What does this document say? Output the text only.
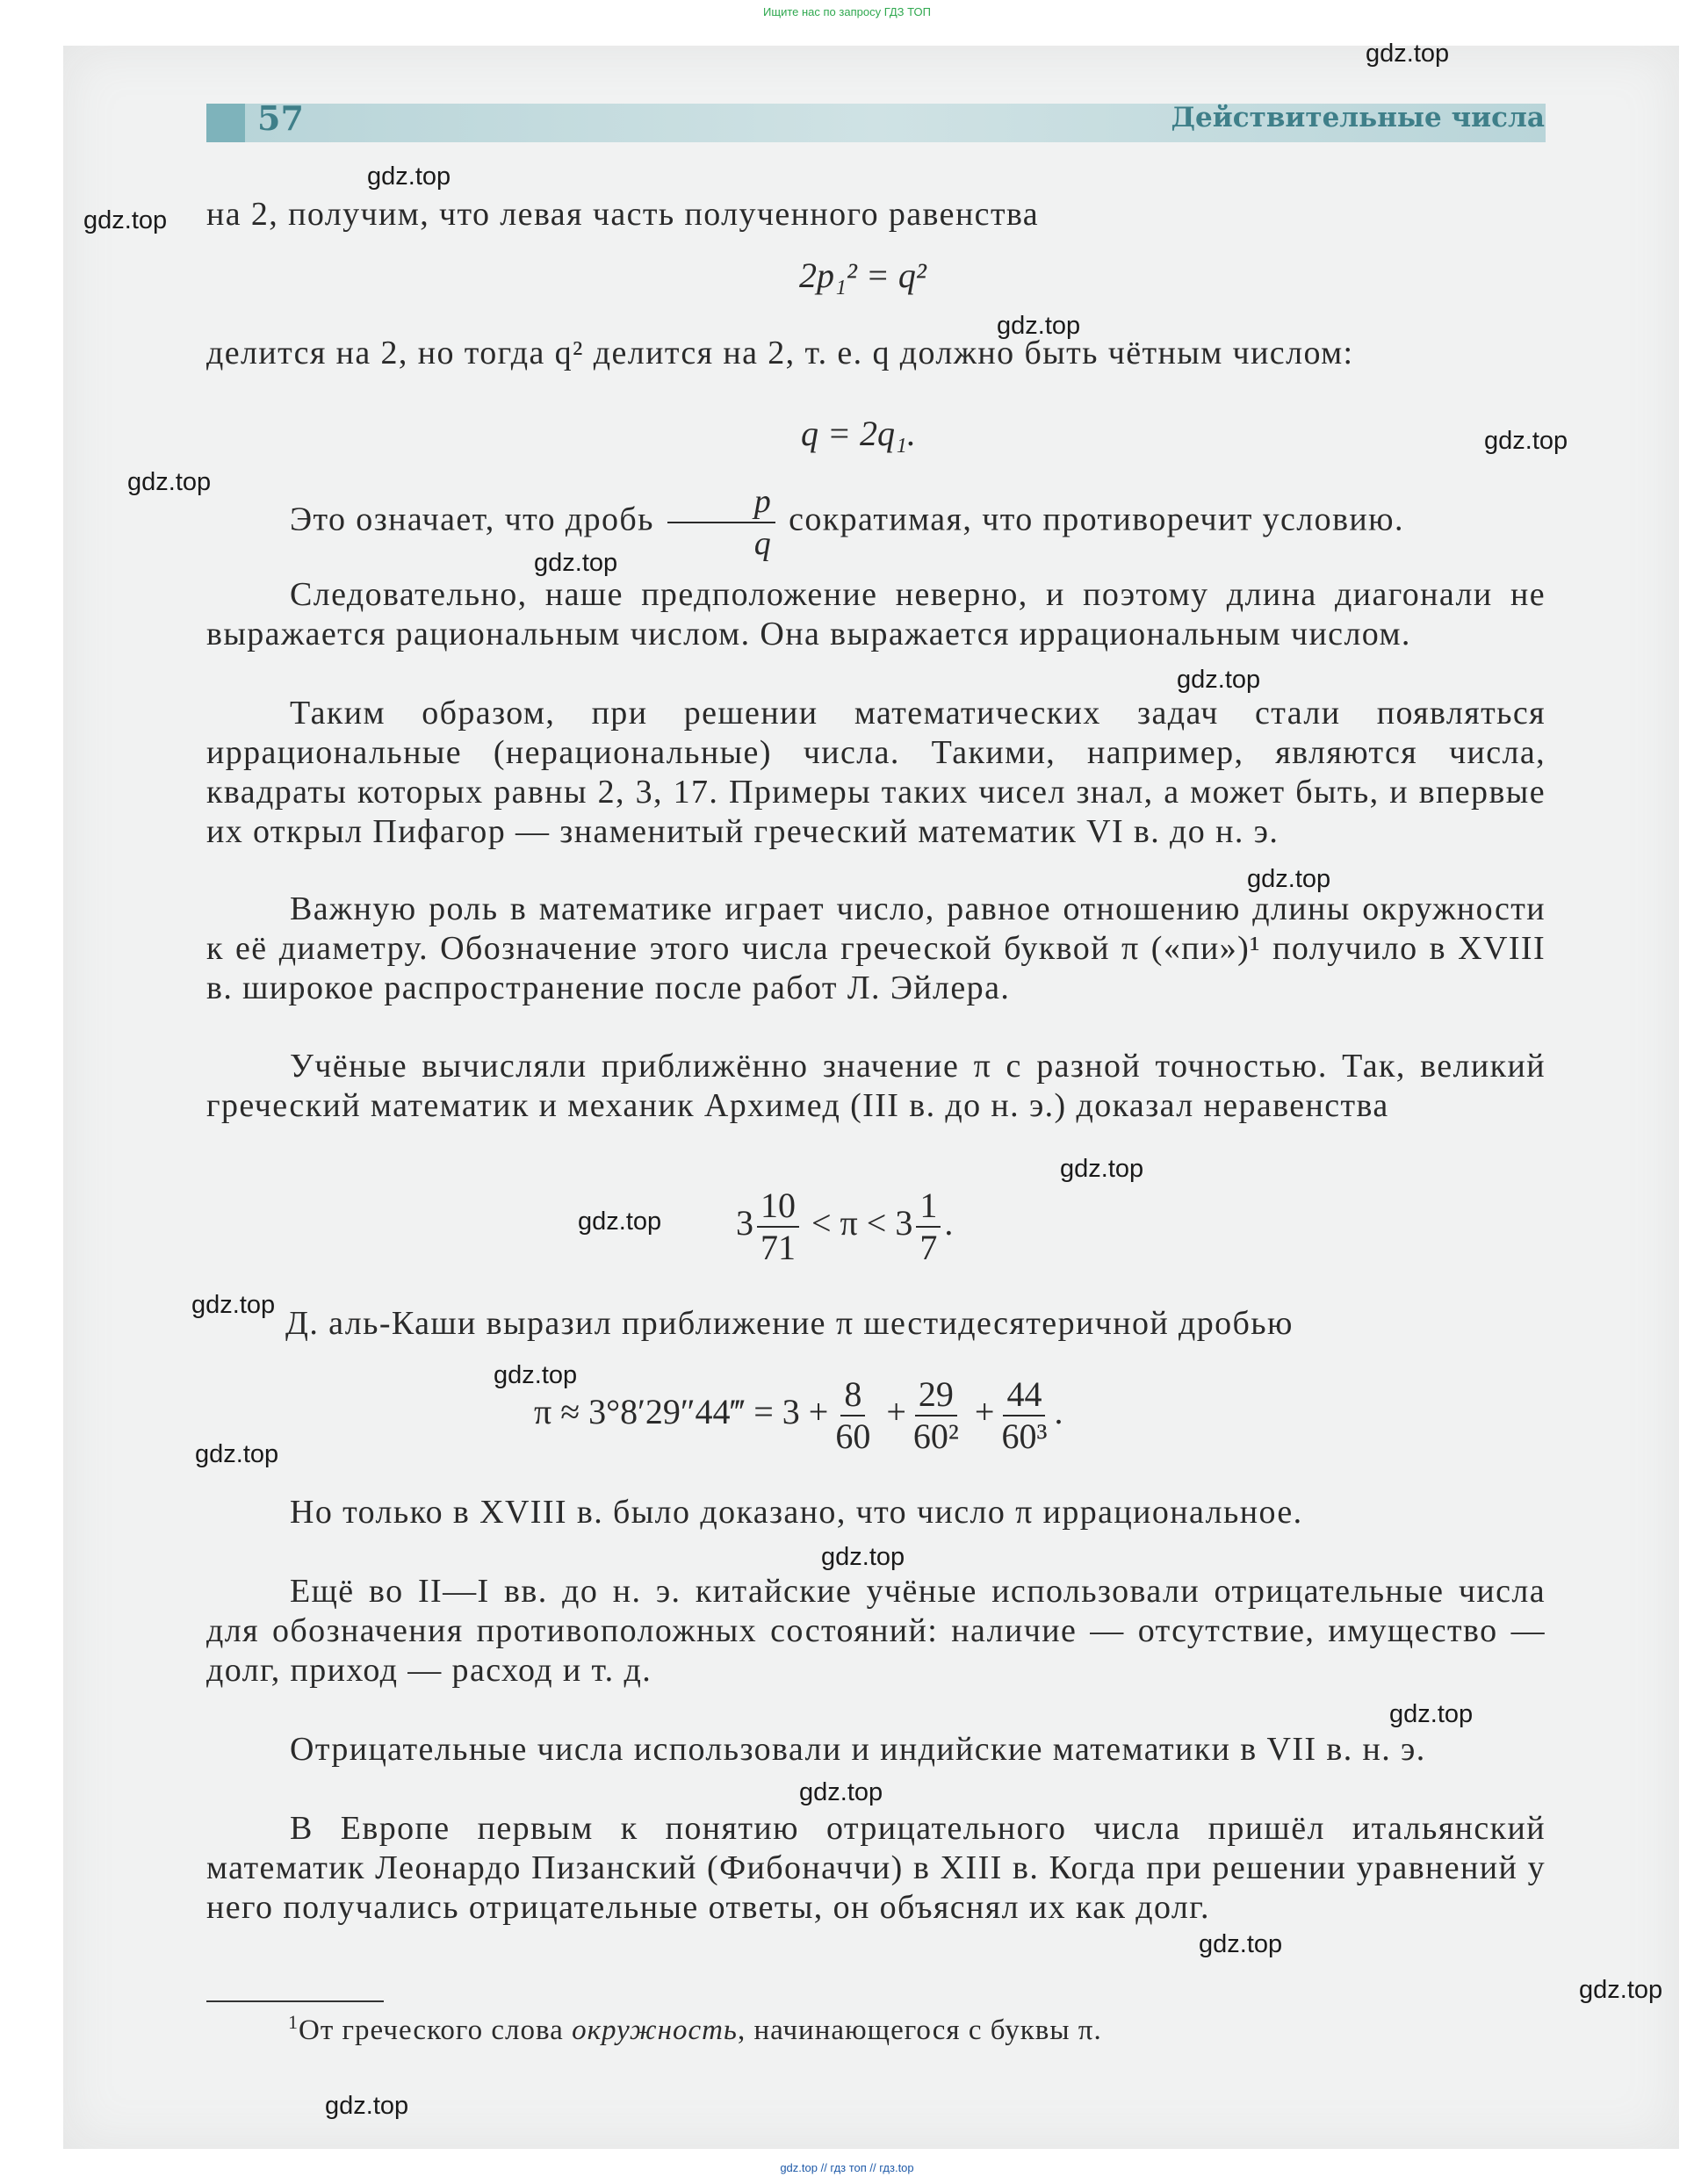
Ищите нас по запросу ГДЗ ТОП
57	Действительные числа
на 2, получим, что левая часть полученного равенства
2p₁² = q²
делится на 2, но тогда q² делится на 2, т. е. q должно быть чётным числом:
q = 2q₁.
Это означает, что дробь $\frac{p}{q}$ сократимая, что противоречит условию.
Следовательно, наше предположение неверно, и поэтому длина диагонали не выражается рациональным числом. Она выражается иррациональным числом.
Таким образом, при решении математических задач стали появляться иррациональные (нерациональные) числа. Такими, например, являются числа, квадраты которых равны 2, 3, 17. Примеры таких чисел знал, а может быть, и впервые их открыл Пифагор — знаменитый греческий математик VI в. до н. э.
Важную роль в математике играет число, равное отношению длины окружности к её диаметру. Обозначение этого числа греческой буквой π («пи»)¹ получило в XVIII в. широкое распространение после работ Л. Эйлера.
Учёные вычисляли приближённо значение π с разной точностью. Так, великий греческий математик и механик Архимед (III в. до н. э.) доказал неравенства
$3 \frac{10}{71} < \pi < 3 \frac{1}{7}$ .
Д. аль-Каши выразил приближение π шестидесятеричной дробью
π ≈ 3°8′29″44‴ = $3 + \frac{8}{60} + \frac{29}{\text{60²}} + \frac{44}{\text{60³}}$ .
Но только в XVIII в. было доказано, что число π иррациональное.
Ещё во II—I вв. до н. э. китайские учёные использовали отрицательные числа для обозначения противоположных состояний: наличие — отсутствие, имущество — долг, приход — расход и т. д.
Отрицательные числа использовали и индийские математики в VII в. н. э.
В Европе первым к понятию отрицательного числа пришёл итальянский математик Леонардо Пизанский (Фибоначчи) в XIII в. Когда при решении уравнений у него получались отрицательные ответы, он объяснял их как долг.
$^1$От греческого слова окружность, начинающегося с буквы π.
gdz.top
gdz.top
gdz.top
gdz.top
gdz.top
gdz.top
gdz.top
gdz.top
gdz.top
gdz.top
gdz.top
gdz.top
gdz.top
gdz.top
gdz.top
gdz.top
gdz.top
gdz.top
gdz.top
gdz.top
gdz.top // гдз топ // гдз.top
